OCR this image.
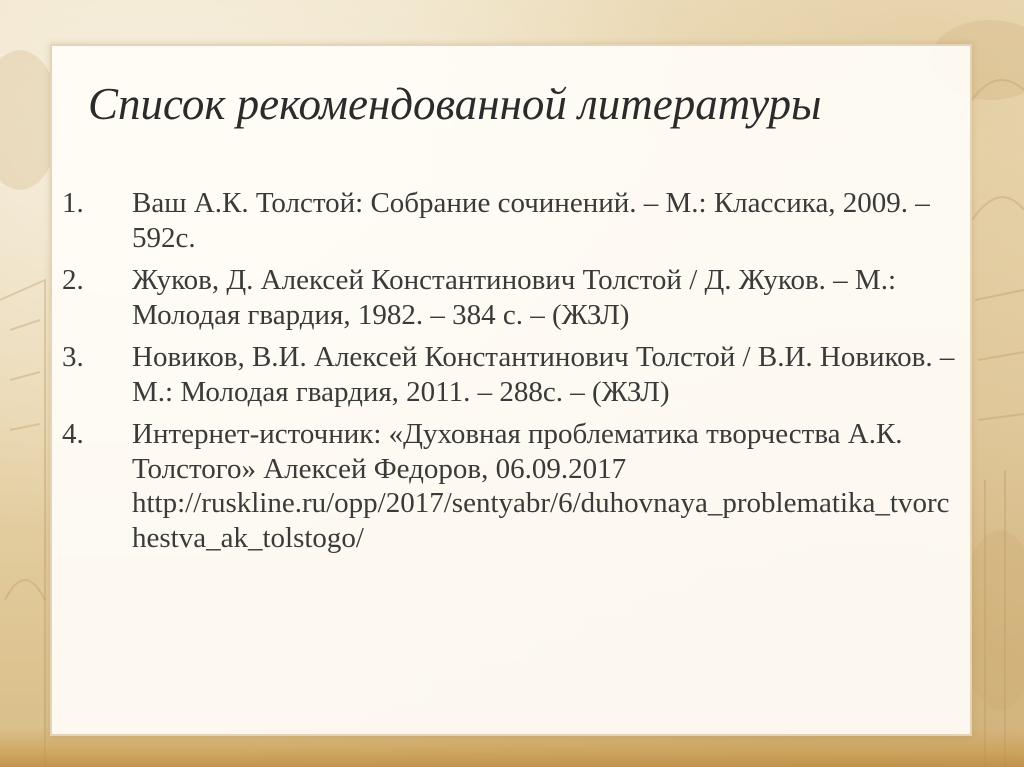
Список рекомендованной литературы
1. Ваш А.К. Толстой: Собрание сочинений. – М.: Классика, 2009. – 592с.
2. Жуков, Д. Алексей Константинович Толстой / Д. Жуков. – М.: Молодая гвардия, 1982. – 384 с. – (ЖЗЛ)
3. Новиков, В.И. Алексей Константинович Толстой / В.И. Новиков. – М.: Молодая гвардия, 2011. – 288с. – (ЖЗЛ)
4. Интернет-источник: «Духовная проблематика творчества А.К. Толстого» Алексей Федоров, 06.09.2017 http://ruskline.ru/opp/2017/sentyabr/6/duhovnaya_problematika_tvorchestva_ak_tolstogo/
